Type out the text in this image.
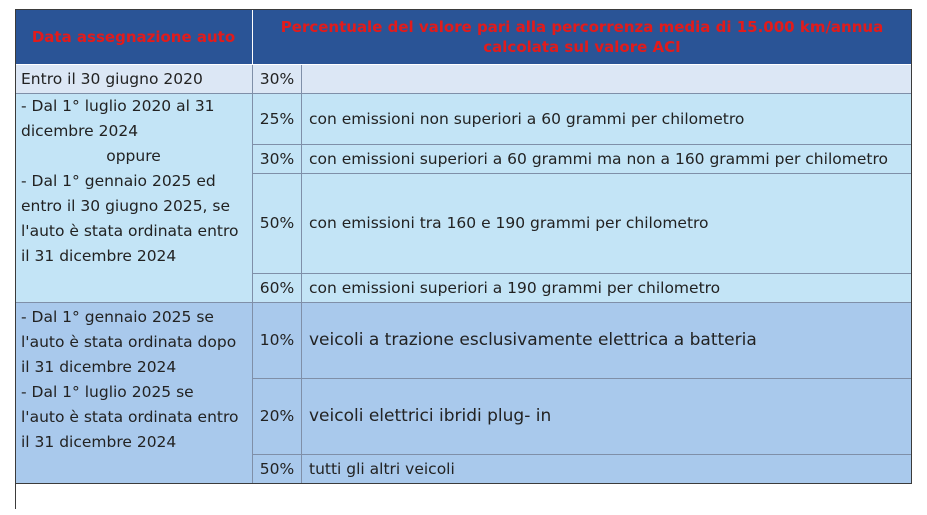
Data assegnazione auto
Percentuale del valore pari alla percorrenza media di 15.000 km/annua
calcolata sul valore ACI
Entro il 30 giugno 2020	30%
- Dal 1° luglio 2020 al 31
dicembre 2024
oppure
- Dal 1° gennaio 2025 ed
entro il 30 giugno 2025, se
l'auto è stata ordinata entro
il 31 dicembre 2024
25% con emissioni non superiori a 60 grammi per chilometro
30% con emissioni superiori a 60 grammi ma non a 160 grammi per chilometro
50% con emissioni tra 160 e 190 grammi per chilometro
60% con emissioni superiori a 190 grammi per chilometro
- Dal 1° gennaio 2025 se
l'auto è stata ordinata dopo
il 31 dicembre 2024
- Dal 1° luglio 2025 se
l'auto è stata ordinata entro
il 31 dicembre 2024
10% veicoli a trazione esclusivamente elettrica a batteria
20% veicoli elettrici ibridi plug- in
50% tutti gli altri veicoli
